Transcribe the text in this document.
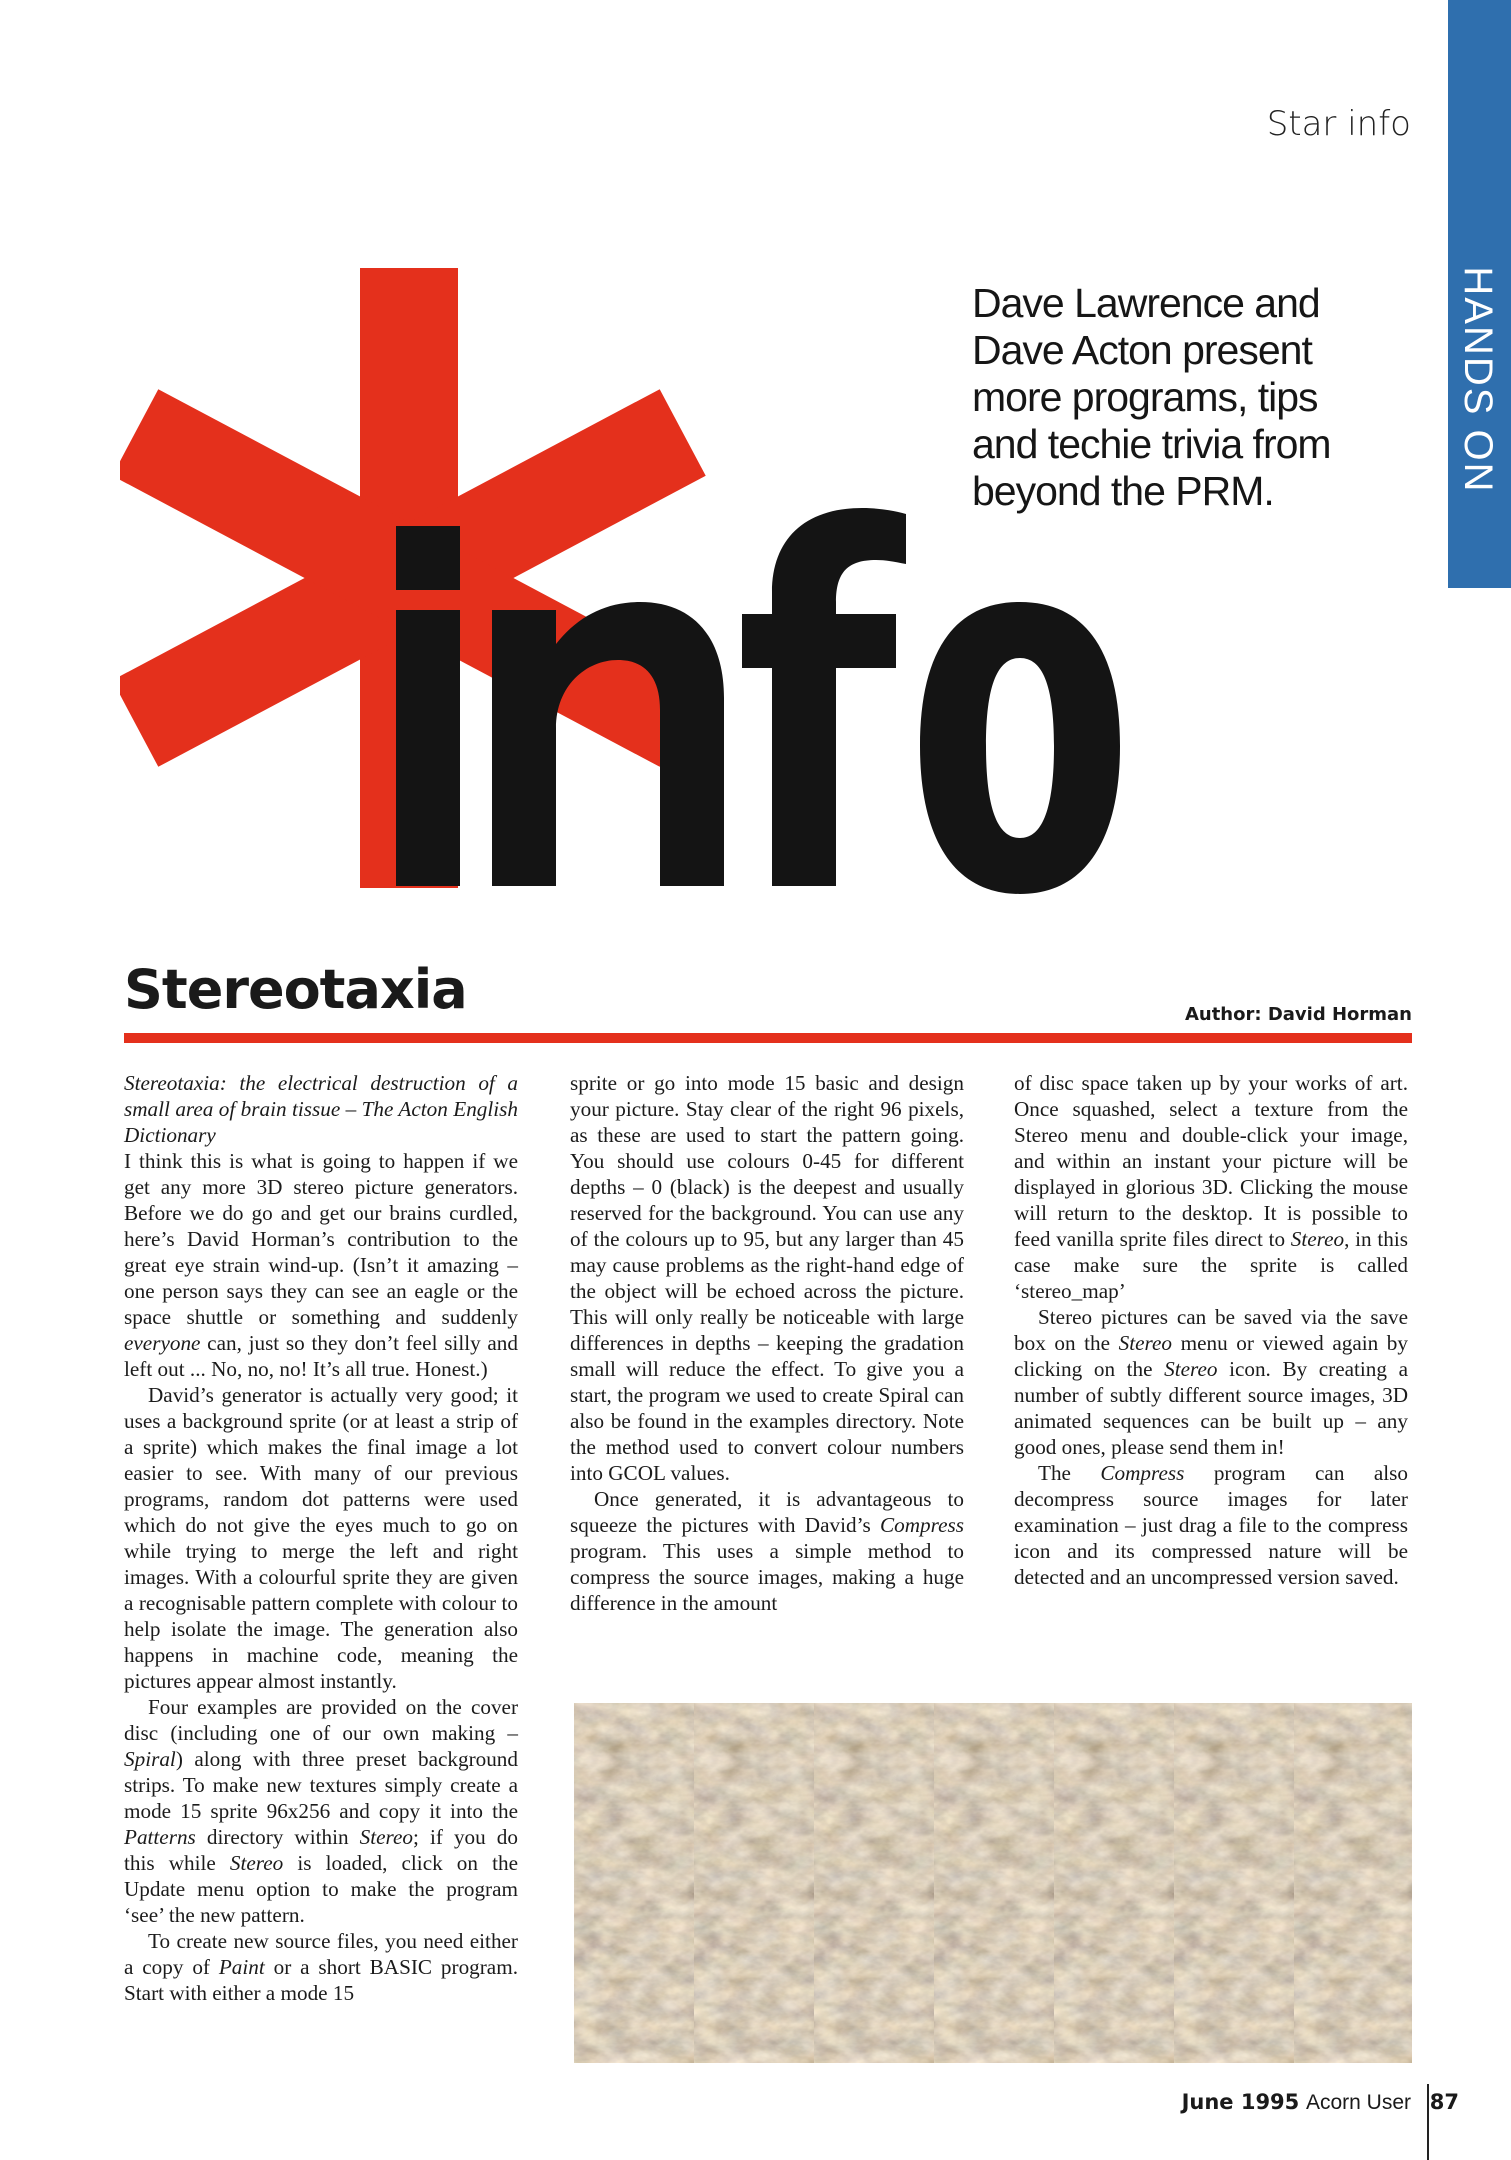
HANDS ON
Star info
Dave Lawrence and Dave Acton present more programs, tips and techie trivia from beyond the PRM.
Stereotaxia	Author: David Horman

Stereotaxia: the electrical destruction of a small area of brain tissue – The Acton English Dictionary

I think this is what is going to happen if we get any more 3D stereo picture generators. Before we do go and get our brains curdled, here’s David Horman’s contribution to the great eye strain wind-up. (Isn’t it amazing – one person says they can see an eagle or the space shuttle or something and suddenly everyone can, just so they don’t feel silly and left out ... No, no, no! It’s all true. Honest.)

David’s generator is actually very good; it uses a background sprite (or at least a strip of a sprite) which makes the final image a lot easier to see. With many of our previous programs, random dot patterns were used which do not give the eyes much to go on while trying to merge the left and right images. With a colourful sprite they are given a recognisable pattern complete with colour to help isolate the image. The generation also happens in machine code, meaning the pictures appear almost instantly.

Four examples are provided on the cover disc (including one of our own making – Spiral) along with three preset background strips. To make new textures simply create a mode 15 sprite 96x256 and copy it into the Patterns directory within Stereo; if you do this while Stereo is loaded, click on the Update menu option to make the program ‘see’ the new pattern.

To create new source files, you need either a copy of Paint or a short BASIC program. Start with either a mode 15

sprite or go into mode 15 basic and design your picture. Stay clear of the right 96 pixels, as these are used to start the pattern going. You should use colours 0-45 for different depths – 0 (black) is the deepest and usually reserved for the background. You can use any of the colours up to 95, but any larger than 45 may cause problems as the right-hand edge of the object will be echoed across the picture. This will only really be noticeable with large differences in depths – keeping the gradation small will reduce the effect. To give you a start, the program we used to create Spiral can also be found in the examples directory. Note the method used to convert colour numbers into GCOL values.

Once generated, it is advantageous to squeeze the pictures with David’s Compress program. This uses a simple method to compress the source images, making a huge difference in the amount

of disc space taken up by your works of art. Once squashed, select a texture from the Stereo menu and double-click your image, and within an instant your picture will be displayed in glorious 3D. Clicking the mouse will return to the desktop. It is possible to feed vanilla sprite files direct to Stereo, in this case make sure the sprite is called ‘stereo_map’

Stereo pictures can be saved via the save box on the Stereo menu or viewed again by clicking on the Stereo icon. By creating a number of subtly different source images, 3D animated sequences can be built up – any good ones, please send them in!

The Compress program can also decompress source images for later examination – just drag a file to the compress icon and its compressed nature will be detected and an uncompressed version saved.

June 1995 Acorn User 87
